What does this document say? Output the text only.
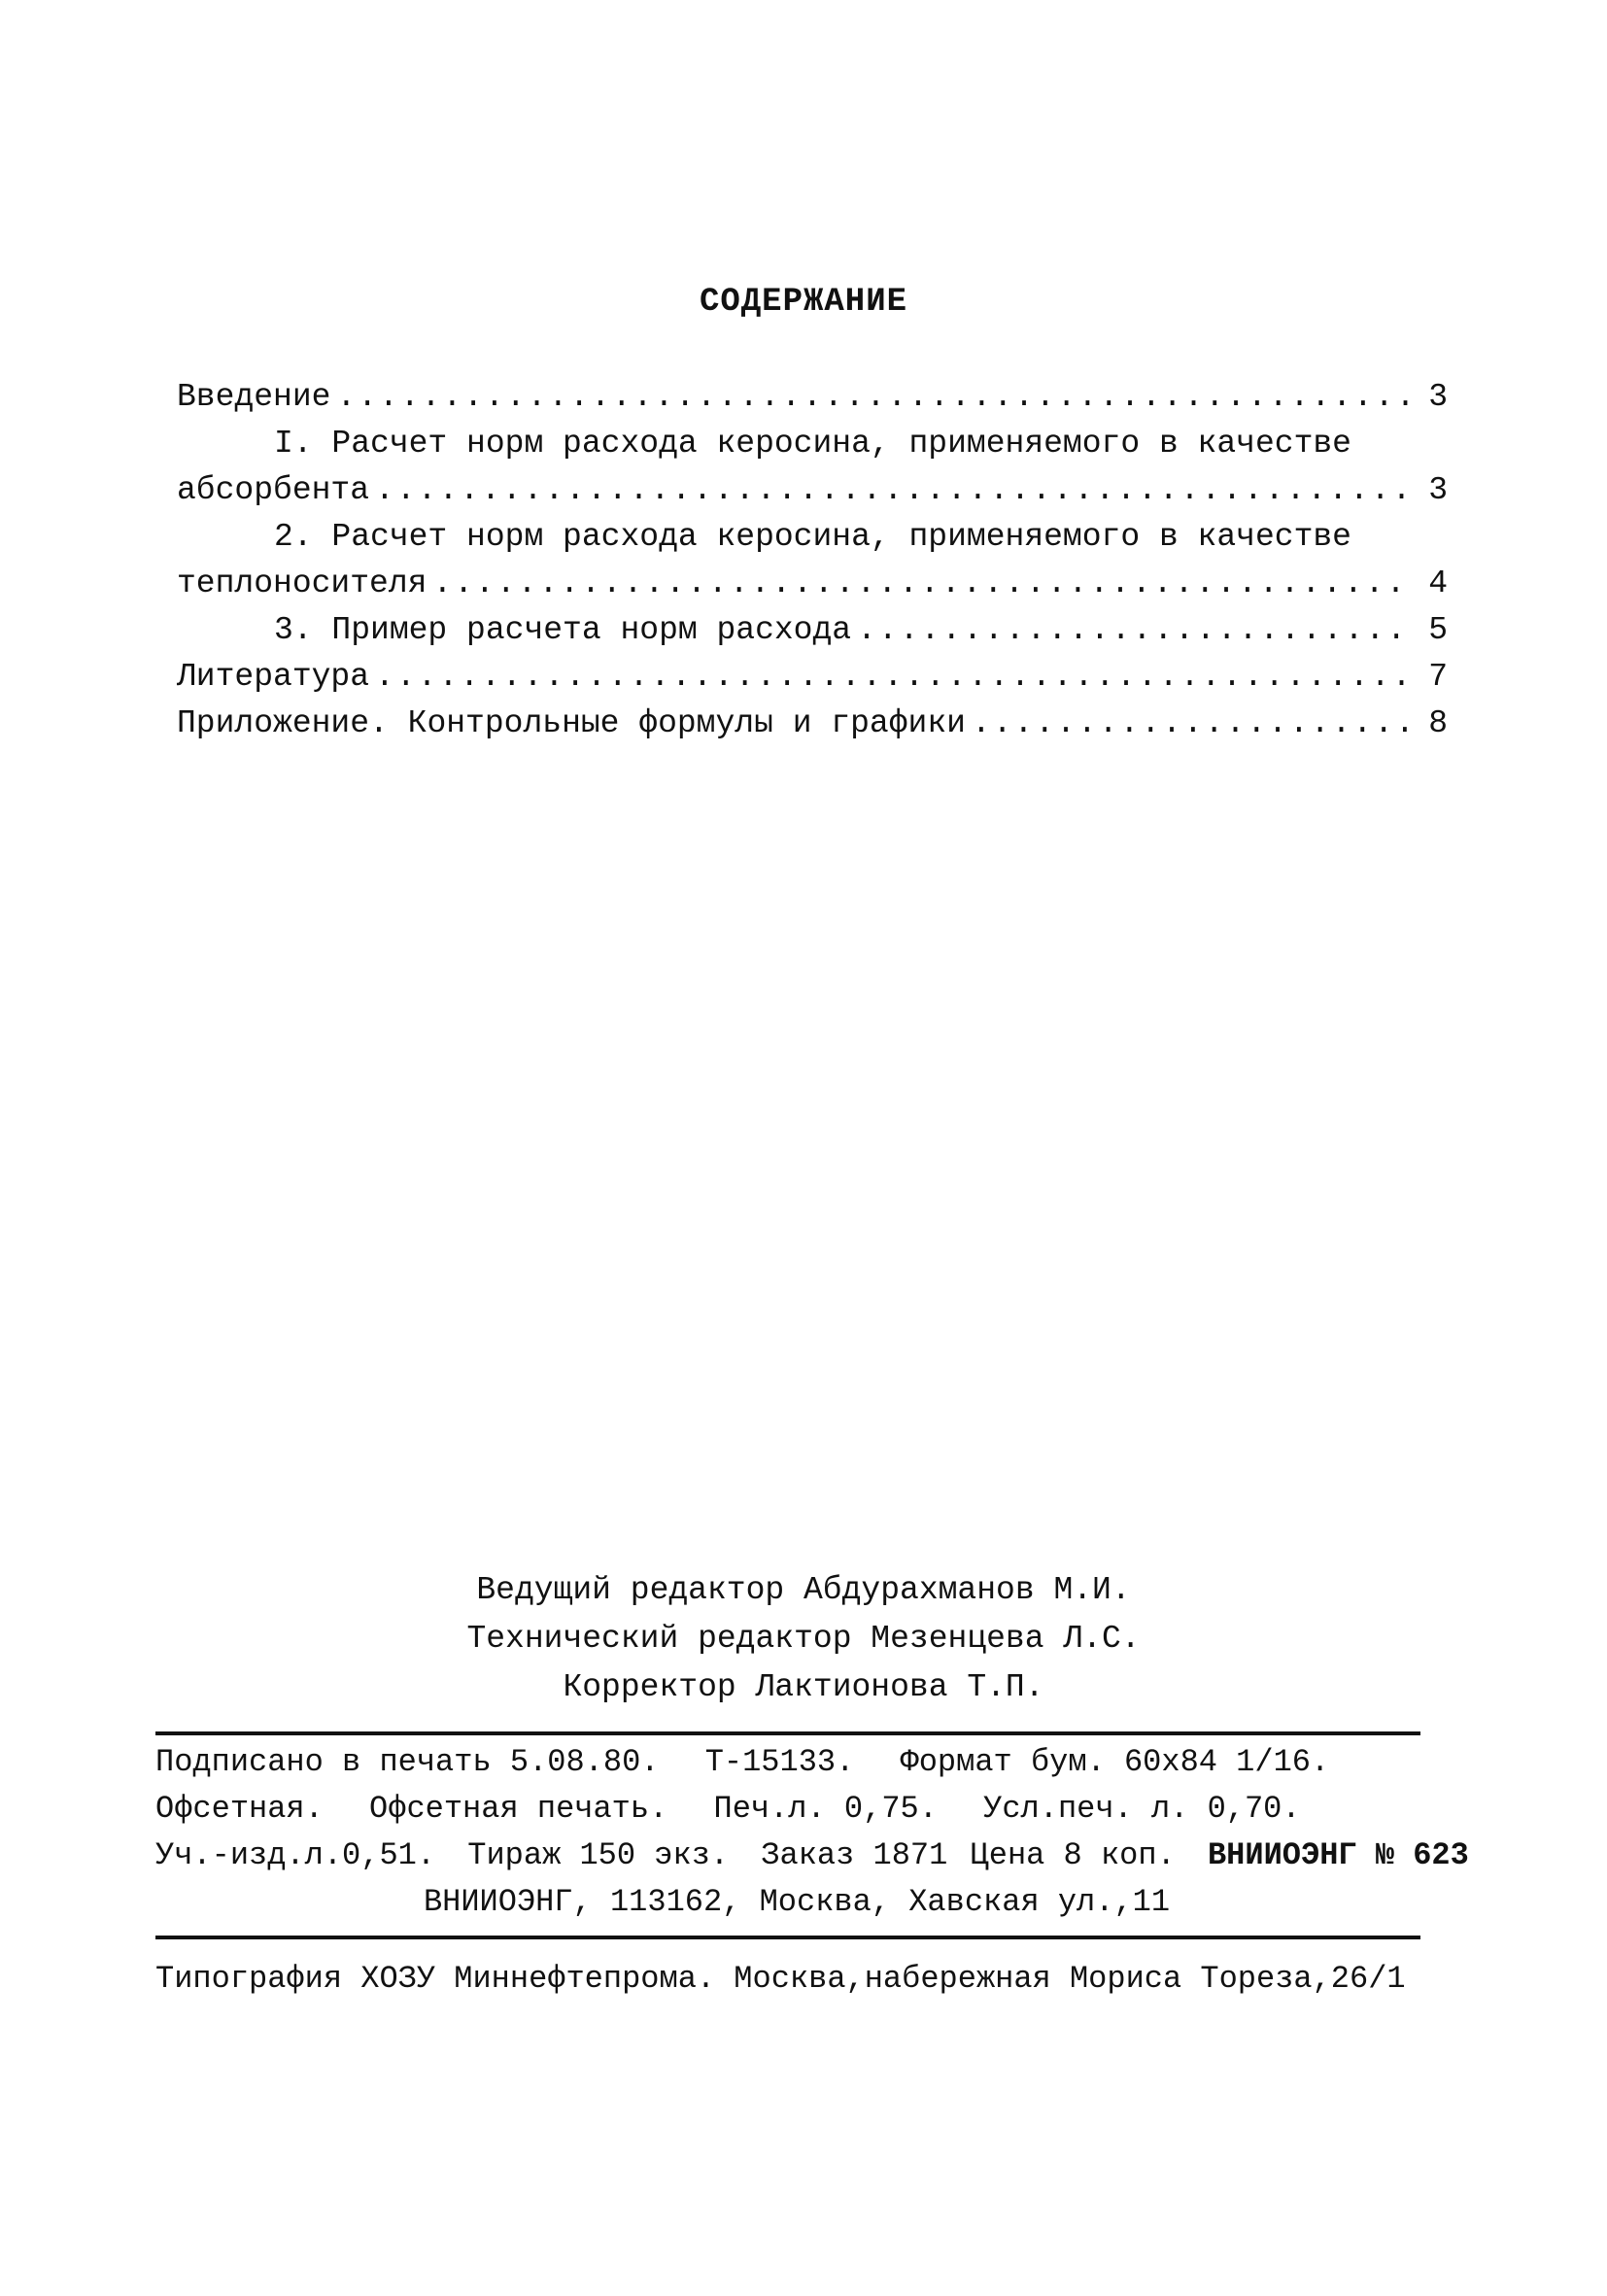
СОДЕРЖАНИЕ
Введение .....	3
I. Расчет норм расхода керосина, применяемого в качестве
абсорбента .....	3
2. Расчет норм расхода керосина, применяемого в качестве
теплоносителя .....	4
3. Пример расчета норм расхода .....	5
Литература .....	7
Приложение. Контрольные формулы и графики .....	8
Ведущий редактор Абдурахманов М.И.
Технический редактор Мезенцева Л.С.
Корректор Лактионова Т.П.
Подписано в печать 5.08.80. Т-15133. Формат бум. 60х84 1/16.
Офсетная. Офсетная печать. Печ.л. 0,75. Усл.печ. л. 0,70.
Уч.-изд.л.0,51. Тираж 150 экз. Заказ 1871 Цена 8 коп. ВНИИОЭНГ № 623
ВНИИОЭНГ, 113162, Москва, Хавская ул.,11
Типография ХОЗУ Миннефтепрома. Москва,набережная Мориса Тореза,26/1
